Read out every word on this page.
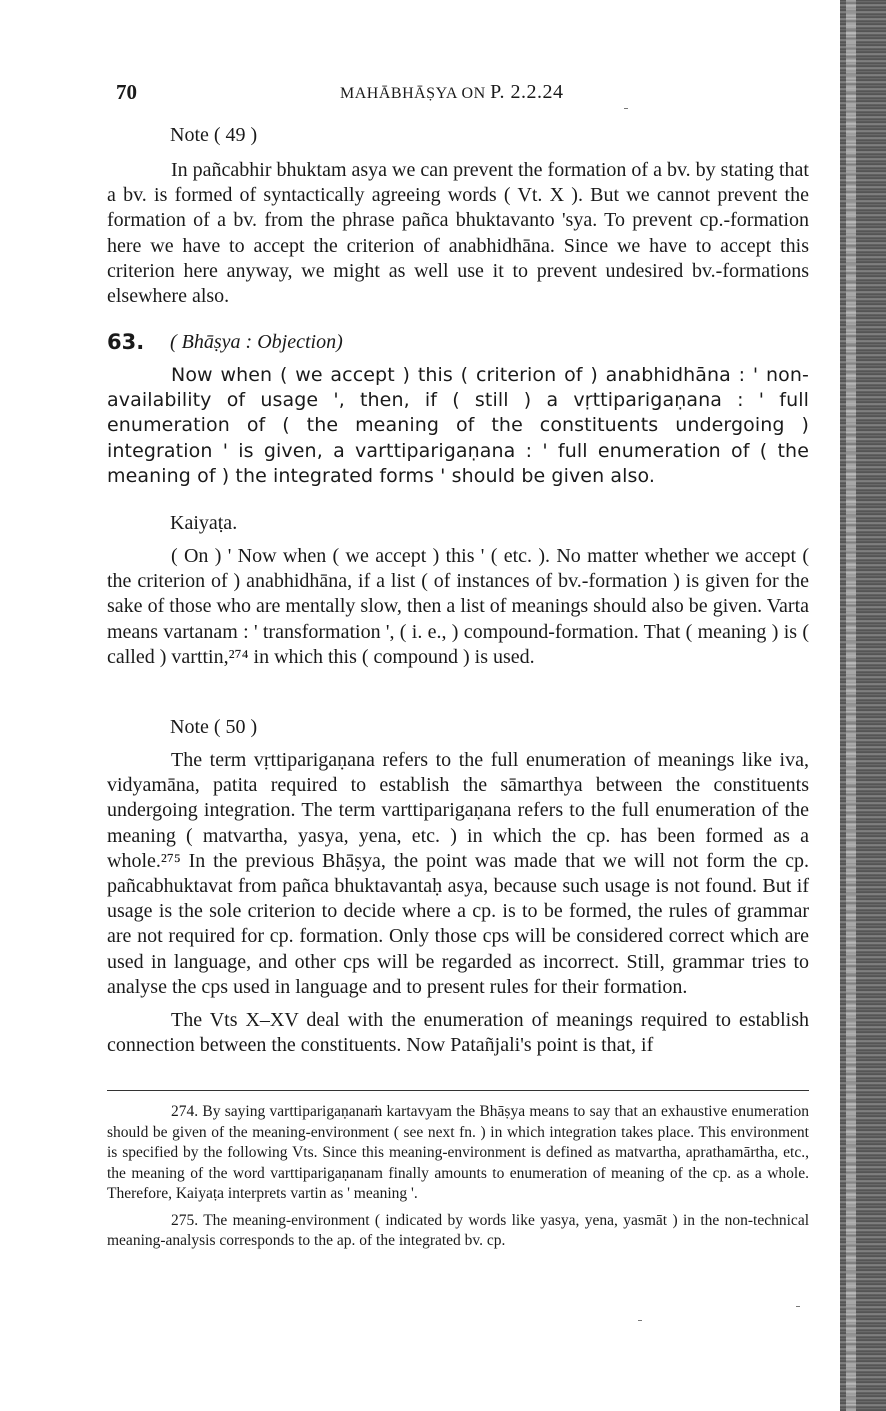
70	MAHĀBHĀṢYA ON P. 2.2.24
Note ( 49 )

In pañcabhir bhuktam asya we can prevent the formation of a bv. by stating that a bv. is formed of syntactically agreeing words ( Vt. X ). But we cannot prevent the formation of a bv. from the phrase pañca bhuktavanto 'sya. To prevent cp.-formation here we have to accept the criterion of anabhidhāna. Since we have to accept this criterion here anyway, we might as well use it to prevent undesired bv.-formations elsewhere also.

63. ( Bhāṣya : Objection)

Now when ( we accept ) this ( criterion of ) anabhidhāna : ' non-availability of usage ', then, if ( still ) a vṛttiparigaṇana : ' full enumeration of ( the meaning of the constituents undergoing ) integration ' is given, a varttiparigaṇana : ' full enumeration of ( the meaning of ) the integrated forms ' should be given also.

Kaiyaṭa.

( On ) ' Now when ( we accept ) this ' ( etc. ). No matter whether we accept ( the criterion of ) anabhidhāna, if a list ( of instances of bv.-formation ) is given for the sake of those who are mentally slow, then a list of meanings should also be given. Varta means vartanam : ' transformation ', ( i. e., ) compound-formation. That ( meaning ) is ( called ) varttin,²⁷⁴ in which this ( compound ) is used.

Note ( 50 )

The term vṛttiparigaṇana refers to the full enumeration of meanings like iva, vidyamāna, patita required to establish the sāmarthya between the constituents undergoing integration. The term varttiparigaṇana refers to the full enumeration of the meaning ( matvartha, yasya, yena, etc. ) in which the cp. has been formed as a whole.²⁷⁵ In the previous Bhāṣya, the point was made that we will not form the cp. pañcabhuktavat from pañca bhuktavantaḥ asya, because such usage is not found. But if usage is the sole criterion to decide where a cp. is to be formed, the rules of grammar are not required for cp. formation. Only those cps will be considered correct which are used in language, and other cps will be regarded as incorrect. Still, grammar tries to analyse the cps used in language and to present rules for their formation.

The Vts X–XV deal with the enumeration of meanings required to establish connection between the constituents. Now Patañjali's point is that, if

274. By saying varttiparigaṇanaṁ kartavyam the Bhāṣya means to say that an exhaustive enumeration should be given of the meaning-environment ( see next fn. ) in which integration takes place. This environment is specified by the following Vts. Since this meaning-environment is defined as matvartha, aprathamārtha, etc., the meaning of the word varttiparigaṇanam finally amounts to enumeration of meaning of the cp. as a whole. Therefore, Kaiyaṭa interprets vartin as ' meaning '.

275. The meaning-environment ( indicated by words like yasya, yena, yasmāt ) in the non-technical meaning-analysis corresponds to the ap. of the integrated bv. cp.
